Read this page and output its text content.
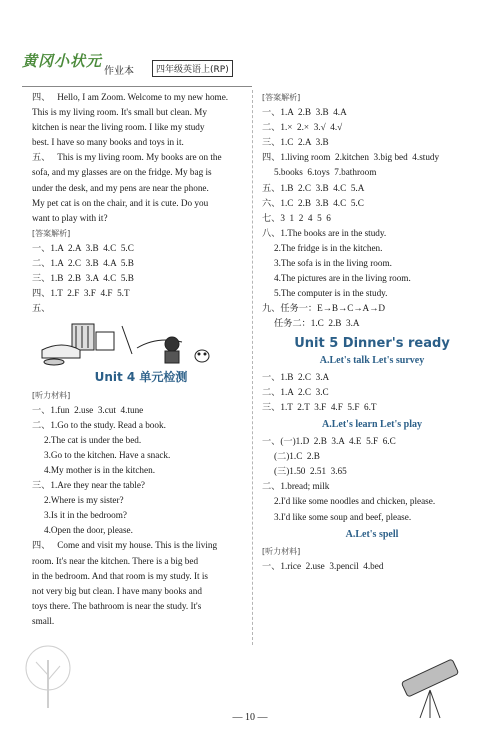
黄冈小状元
作业本	四年级英语上(RP)

四、   Hello, I am Zoom. Welcome to my new home.

This is my living room. It's small but clean. My

kitchen is near the living room. I like my study

best. I have so many books and toys in it.

五、   This is my living room. My books are on the

sofa, and my glasses are on the fridge. My bag is

under the desk, and my pens are near the phone.

My pet cat is on the chair, and it is cute. Do you

want to play with it?

[答案解析]

一、1.A  2.A  3.B  4.C  5.C

二、1.A  2.C  3.B  4.A  5.B

三、1.B  2.B  3.A  4.C  5.B

四、1.T  2.F  3.F  4.F  5.T

五、

Unit 4 单元检测

[听力材料]

一、1.fun  2.use  3.cut  4.tune

二、1.Go to the study. Read a book.

2.The cat is under the bed.

3.Go to the kitchen. Have a snack.

4.My mother is in the kitchen.

三、1.Are they near the table?

2.Where is my sister?

3.Is it in the bedroom?

4.Open the door, please.

四、   Come and visit my house. This is the living

room. It's near the kitchen. There is a big bed

in the bedroom. And that room is my study. It is

not very big but clean. I have many books and

toys there. The bathroom is near the study. It's

small.

[答案解析]

一、1.A  2.B  3.B  4.A

二、1.×  2.×  3.√  4.√

三、1.C  2.A  3.B

四、1.living room  2.kitchen  3.big bed  4.study

5.books  6.toys  7.bathroom

五、1.B  2.C  3.B  4.C  5.A

六、1.C  2.B  3.B  4.C  5.C

七、3  1  2  4  5  6

八、1.The books are in the study.

2.The fridge is in the kitchen.

3.The sofa is in the living room.

4.The pictures are in the living room.

5.The computer is in the study.

九、任务一：E→B→C→A→D

任务二：1.C  2.B  3.A

Unit 5 Dinner's ready
A.Let's talk Let's survey

一、1.B  2.C  3.A

二、1.A  2.C  3.C

三、1.T  2.T  3.F  4.F  5.F  6.T

A.Let's learn Let's play

一、(一)1.D  2.B  3.A  4.E  5.F  6.C

(二)1.C  2.B

(三)1.50  2.51  3.65

二、1.bread; milk

2.I'd like some noodles and chicken, please.

3.I'd like some soup and beef, please.

A.Let's spell

[听力材料]

一、1.rice  2.use  3.pencil  4.bed

— 10 —
